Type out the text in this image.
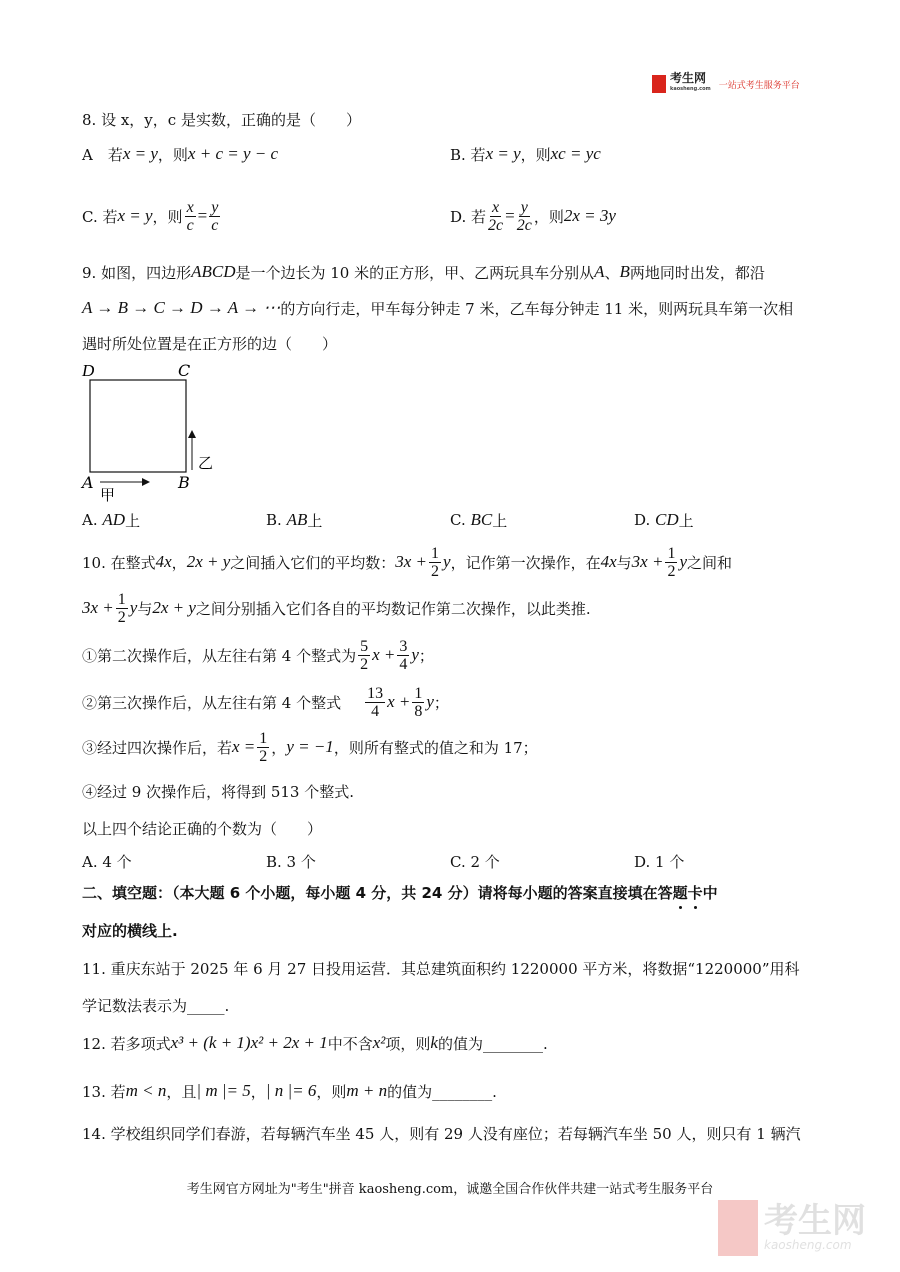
考生网
kaosheng.com 一站式考生服务平台
8. 设 x，y，c 是实数，正确的是（　　）
A　若 x = y ，则 x + c = y − c	B. 若 x = y ，则 xc = yc
C. 若 x = y ，则 $\frac{x}{c} = \frac{y}{c}$	D. 若 $\frac{x}{2c} = \frac{y}{2c}$ ，则 2x = 3y
9. 如图，四边形 ABCD 是一个边长为 10 米的正方形，甲、乙两玩具车分别从 A 、 B 两地同时出发，都沿
A → B → C → D → A → ⋯ 的方向行走，甲车每分钟走 7 米，乙车每分钟走 11 米，则两玩具车第一次相
遇时所处位置是在正方形的边（　　）
D	C
A	B
甲
乙
A.
AD 上	B.
AB 上	C.
BC 上	D.
CD 上
10. 在整式 4x ， 2x + y 之间插入它们的平均数： $3x + \frac{1}{2}$ y ，记作第一次操作，在 4x 与 $3x + \frac{1}{2}$ y 之间和
$3x + \frac{1}{2}$ y 与 2x + y 之间分别插入它们各自的平均数记作第二次操作，以此类推.
①第二次操作后，从左往右第 4 个整式为 $\frac{5}{2}$ $x + \frac{3}{4}$ y ；
②第三次操作后，从左往右第 4 个整式 $\frac{13}{4}$ $x + \frac{1}{8}$ y ；
③经过四次操作后，若 $x = \frac{1}{2}$ ， y = −1 ，则所有整式的值之和为 17；
④经过 9 次操作后，将得到 513 个整式.
以上四个结论正确的个数为（　　）
A. 4 个	B. 3 个	C. 2 个	D. 1 个
二、填空题：（本大题 6 个小题，每小题 4 分，共 24 分）请将每小题的答案直接填在答 题 卡 中
对应的横线上.
11. 重庆东站于 2025 年 6 月 27 日投用运营．其总建筑面积约 1220000 平方米，将数据“1220000”用科
学记数法表示为_____.
12. 若多项式 x³ + (k + 1)x² + 2x + 1 中不含 x² 项，则 k 的值为________.
13. 若 m < n ，且 | m |= 5 ， | n |= 6 ，则 m + n 的值为________.
14. 学校组织同学们春游，若每辆汽车坐 45 人，则有 29 人没有座位；若每辆汽车坐 50 人，则只有 1 辆汽
考生网官方网址为"考生"拼音 kaosheng.com，诚邀全国合作伙伴共建一站式考生服务平台
考生网
kaosheng.com
